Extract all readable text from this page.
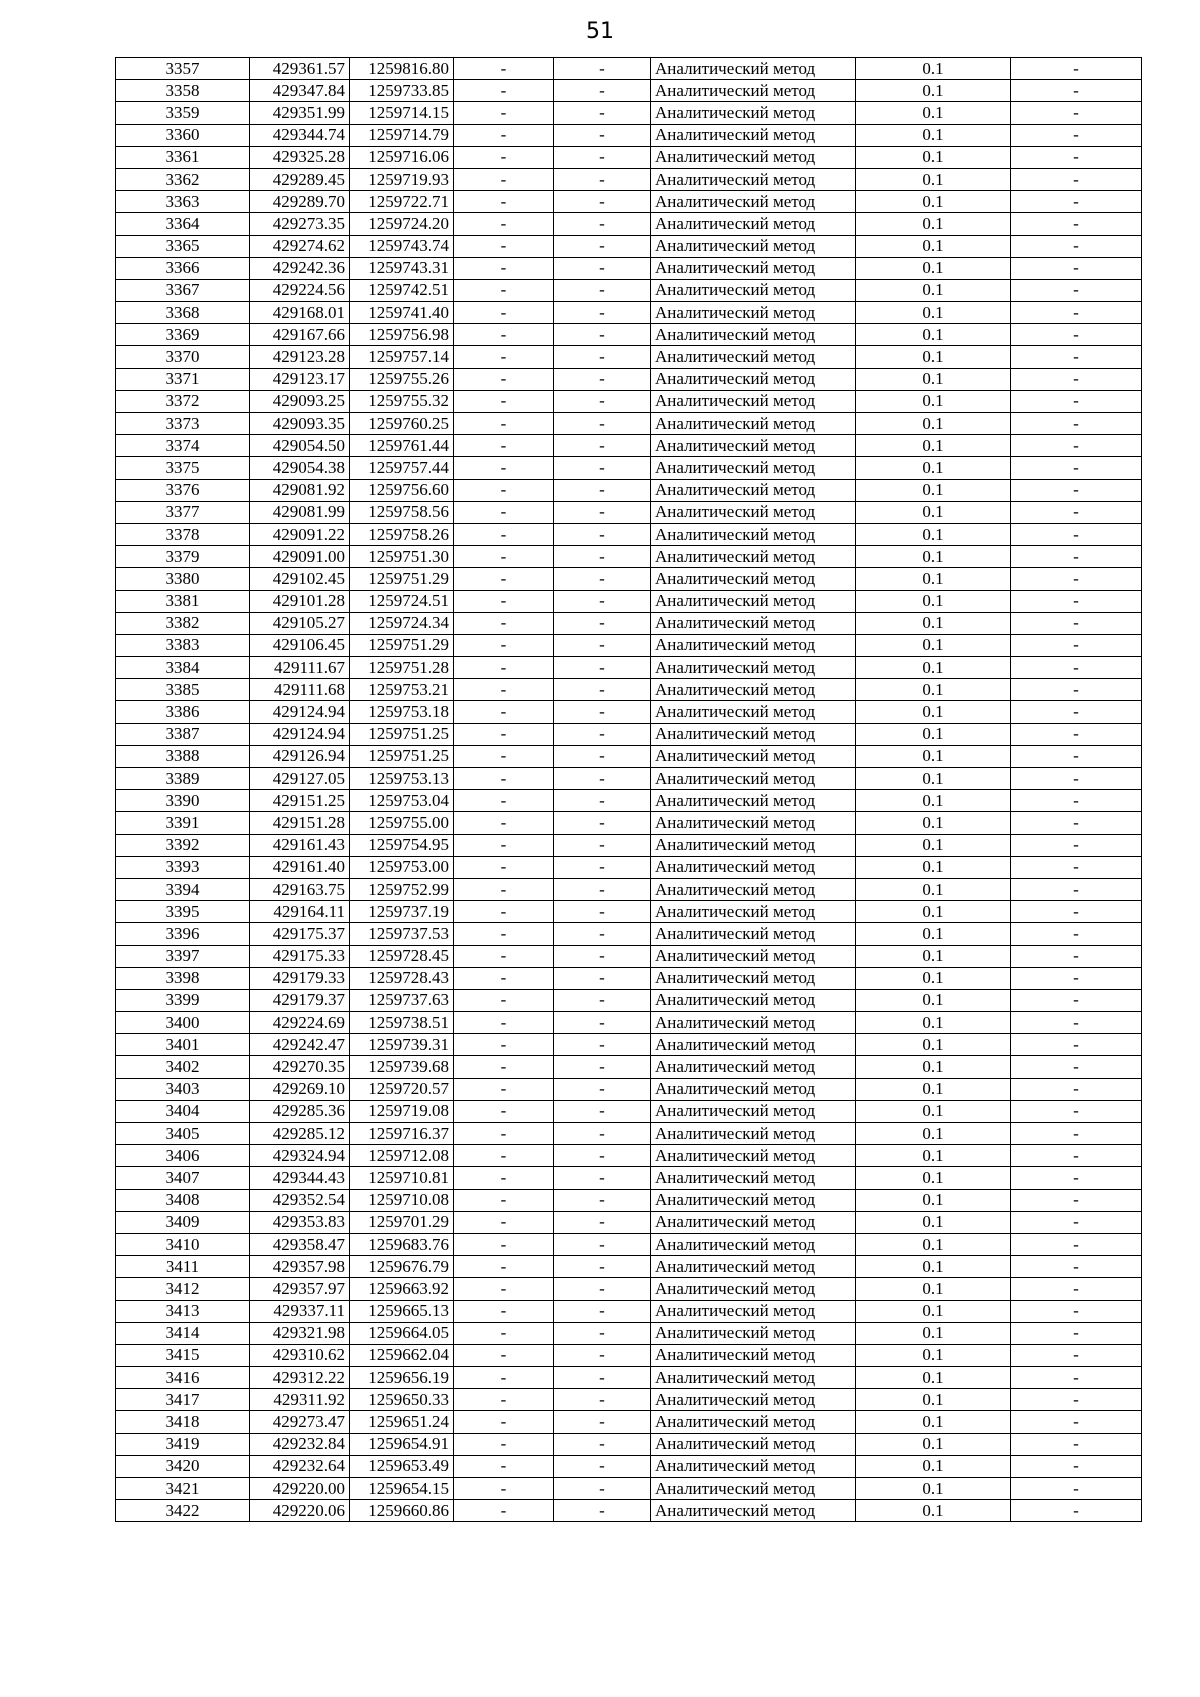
51
3357	429361.57	1259816.80	-	-	Аналитический метод	0.1	-
3358	429347.84	1259733.85	-	-	Аналитический метод	0.1	-
3359	429351.99	1259714.15	-	-	Аналитический метод	0.1	-
3360	429344.74	1259714.79	-	-	Аналитический метод	0.1	-
3361	429325.28	1259716.06	-	-	Аналитический метод	0.1	-
3362	429289.45	1259719.93	-	-	Аналитический метод	0.1	-
3363	429289.70	1259722.71	-	-	Аналитический метод	0.1	-
3364	429273.35	1259724.20	-	-	Аналитический метод	0.1	-
3365	429274.62	1259743.74	-	-	Аналитический метод	0.1	-
3366	429242.36	1259743.31	-	-	Аналитический метод	0.1	-
3367	429224.56	1259742.51	-	-	Аналитический метод	0.1	-
3368	429168.01	1259741.40	-	-	Аналитический метод	0.1	-
3369	429167.66	1259756.98	-	-	Аналитический метод	0.1	-
3370	429123.28	1259757.14	-	-	Аналитический метод	0.1	-
3371	429123.17	1259755.26	-	-	Аналитический метод	0.1	-
3372	429093.25	1259755.32	-	-	Аналитический метод	0.1	-
3373	429093.35	1259760.25	-	-	Аналитический метод	0.1	-
3374	429054.50	1259761.44	-	-	Аналитический метод	0.1	-
3375	429054.38	1259757.44	-	-	Аналитический метод	0.1	-
3376	429081.92	1259756.60	-	-	Аналитический метод	0.1	-
3377	429081.99	1259758.56	-	-	Аналитический метод	0.1	-
3378	429091.22	1259758.26	-	-	Аналитический метод	0.1	-
3379	429091.00	1259751.30	-	-	Аналитический метод	0.1	-
3380	429102.45	1259751.29	-	-	Аналитический метод	0.1	-
3381	429101.28	1259724.51	-	-	Аналитический метод	0.1	-
3382	429105.27	1259724.34	-	-	Аналитический метод	0.1	-
3383	429106.45	1259751.29	-	-	Аналитический метод	0.1	-
3384	429111.67	1259751.28	-	-	Аналитический метод	0.1	-
3385	429111.68	1259753.21	-	-	Аналитический метод	0.1	-
3386	429124.94	1259753.18	-	-	Аналитический метод	0.1	-
3387	429124.94	1259751.25	-	-	Аналитический метод	0.1	-
3388	429126.94	1259751.25	-	-	Аналитический метод	0.1	-
3389	429127.05	1259753.13	-	-	Аналитический метод	0.1	-
3390	429151.25	1259753.04	-	-	Аналитический метод	0.1	-
3391	429151.28	1259755.00	-	-	Аналитический метод	0.1	-
3392	429161.43	1259754.95	-	-	Аналитический метод	0.1	-
3393	429161.40	1259753.00	-	-	Аналитический метод	0.1	-
3394	429163.75	1259752.99	-	-	Аналитический метод	0.1	-
3395	429164.11	1259737.19	-	-	Аналитический метод	0.1	-
3396	429175.37	1259737.53	-	-	Аналитический метод	0.1	-
3397	429175.33	1259728.45	-	-	Аналитический метод	0.1	-
3398	429179.33	1259728.43	-	-	Аналитический метод	0.1	-
3399	429179.37	1259737.63	-	-	Аналитический метод	0.1	-
3400	429224.69	1259738.51	-	-	Аналитический метод	0.1	-
3401	429242.47	1259739.31	-	-	Аналитический метод	0.1	-
3402	429270.35	1259739.68	-	-	Аналитический метод	0.1	-
3403	429269.10	1259720.57	-	-	Аналитический метод	0.1	-
3404	429285.36	1259719.08	-	-	Аналитический метод	0.1	-
3405	429285.12	1259716.37	-	-	Аналитический метод	0.1	-
3406	429324.94	1259712.08	-	-	Аналитический метод	0.1	-
3407	429344.43	1259710.81	-	-	Аналитический метод	0.1	-
3408	429352.54	1259710.08	-	-	Аналитический метод	0.1	-
3409	429353.83	1259701.29	-	-	Аналитический метод	0.1	-
3410	429358.47	1259683.76	-	-	Аналитический метод	0.1	-
3411	429357.98	1259676.79	-	-	Аналитический метод	0.1	-
3412	429357.97	1259663.92	-	-	Аналитический метод	0.1	-
3413	429337.11	1259665.13	-	-	Аналитический метод	0.1	-
3414	429321.98	1259664.05	-	-	Аналитический метод	0.1	-
3415	429310.62	1259662.04	-	-	Аналитический метод	0.1	-
3416	429312.22	1259656.19	-	-	Аналитический метод	0.1	-
3417	429311.92	1259650.33	-	-	Аналитический метод	0.1	-
3418	429273.47	1259651.24	-	-	Аналитический метод	0.1	-
3419	429232.84	1259654.91	-	-	Аналитический метод	0.1	-
3420	429232.64	1259653.49	-	-	Аналитический метод	0.1	-
3421	429220.00	1259654.15	-	-	Аналитический метод	0.1	-
3422	429220.06	1259660.86	-	-	Аналитический метод	0.1	-
